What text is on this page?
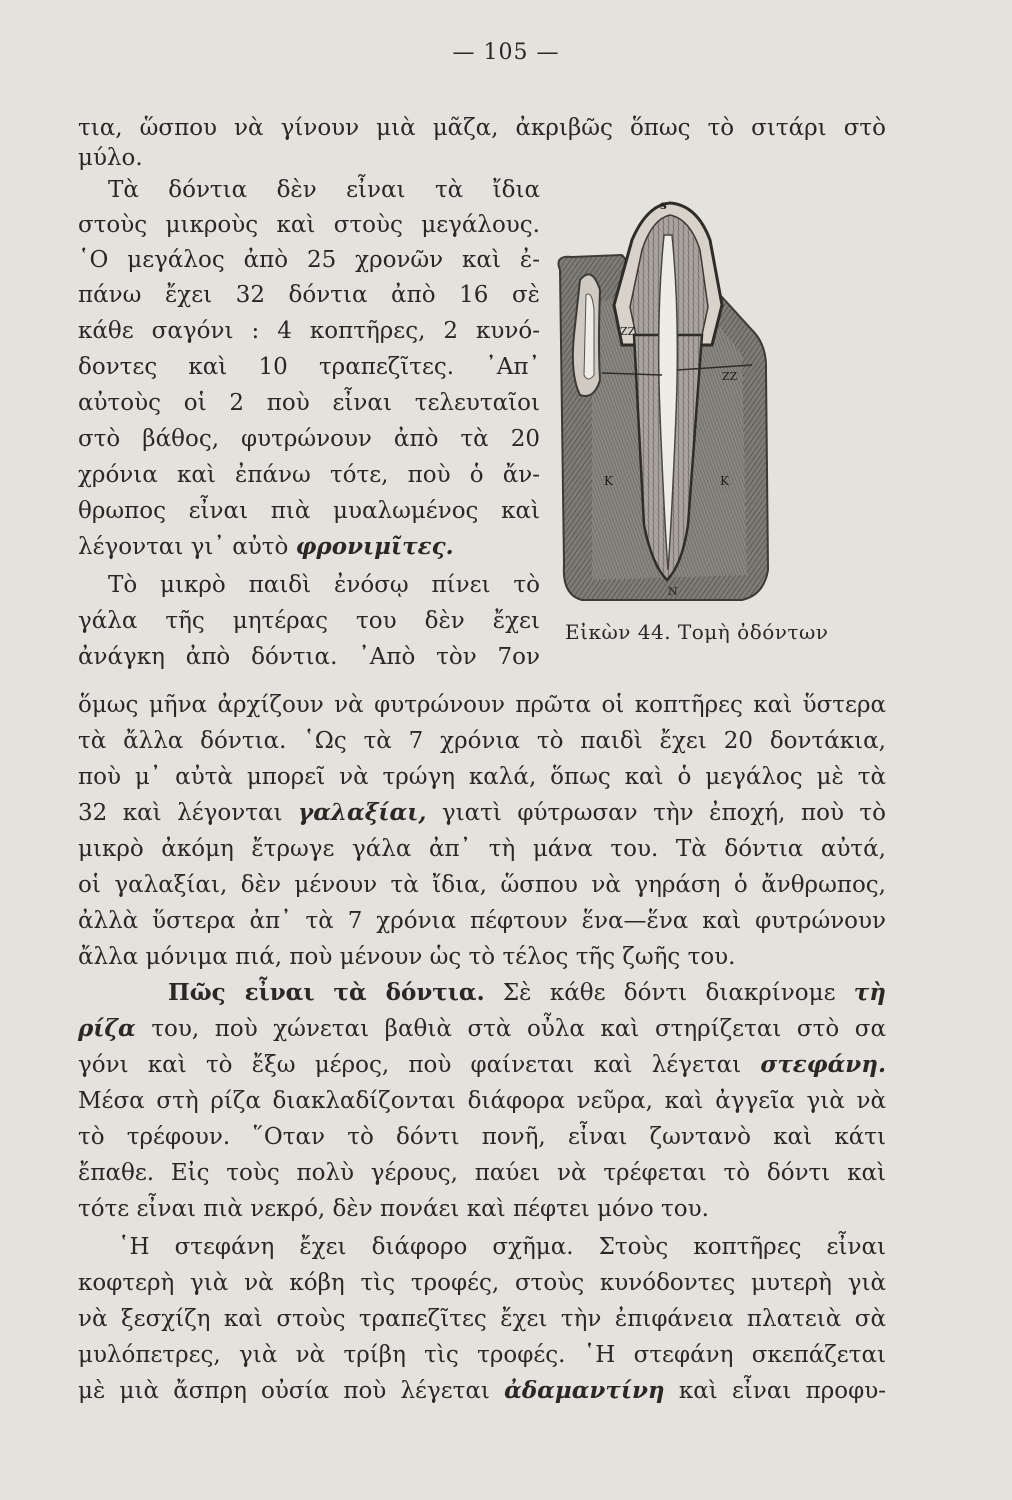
— 105 —
τια, ὥσπου νὰ γίνουν μιὰ μᾶζα, ἀκριβῶς ὅπως τὸ σιτάρι στὸ
μύλο.
Τὰ δόντια δὲν εἶναι τὰ ἴδια
στοὺς μικροὺς καὶ στοὺς μεγάλους.
῾Ο μεγάλος ἀπὸ 25 χρονῶν καὶ ἐ-
πάνω ἔχει 32 δόντια ἀπὸ 16 σὲ
κάθε σαγόνι : 4 κοπτῆρες, 2 κυνό-
δοντες καὶ 10 τραπεζῖτες. ᾽Απ᾽
αὐτοὺς οἱ 2 ποὺ εἶναι τελευταῖοι
στὸ βάθος, φυτρώνουν ἀπὸ τὰ 20
χρόνια καὶ ἐπάνω τότε, ποὺ ὁ ἄν-
θρωπος εἶναι πιὰ μυαλωμένος καὶ
λέγονται γι᾽ αὐτὸ φρονιμῖτες.
Τὸ μικρὸ παιδὶ ἐνόσῳ πίνει τὸ
γάλα τῆς μητέρας του δὲν ἔχει
ἀνάγκη ἀπὸ δόντια. ᾽Απὸ τὸν 7ον
s
ZZ
ZZ
K	K
N
Εἰκὼν 44. Τομὴ ὀδόντων
ὅμως μῆνα ἀρχίζουν νὰ φυτρώνουν πρῶτα οἱ κοπτῆρες καὶ ὕστερα
τὰ ἄλλα δόντια. ῾Ως τὰ 7 χρόνια τὸ παιδὶ ἔχει 20 δοντάκια,
ποὺ μ᾽ αὐτὰ μπορεῖ νὰ τρώγη καλά, ὅπως καὶ ὁ μεγάλος μὲ τὰ
32 καὶ λέγονται γαλαξίαι, γιατὶ φύτρωσαν τὴν ἐποχή, ποὺ τὸ
μικρὸ ἀκόμη ἔτρωγε γάλα ἀπ᾽ τὴ μάνα του. Τὰ δόντια αὐτά,
οἱ γαλαξίαι, δὲν μένουν τὰ ἴδια, ὥσπου νὰ γηράση ὁ ἄνθρωπος,
ἀλλὰ ὕστερα ἀπ᾽ τὰ 7 χρόνια πέφτουν ἕνα—ἕνα καὶ φυτρώνουν
ἄλλα μόνιμα πιά, ποὺ μένουν ὡς τὸ τέλος τῆς ζωῆς του.
Πῶς εἶναι τὰ δόντια. Σὲ κάθε δόντι διακρίνομε τὴ
ρίζα του, ποὺ χώνεται βαθιὰ στὰ οὖλα καὶ στηρίζεται στὸ σα
γόνι καὶ τὸ ἔξω μέρος, ποὺ φαίνεται καὶ λέγεται στεφάνη.
Μέσα στὴ ρίζα διακλαδίζονται διάφορα νεῦρα, καὶ ἀγγεῖα γιὰ νὰ
τὸ τρέφουν. ῞Οταν τὸ δόντι πονῆ, εἶναι ζωντανὸ καὶ κάτι
ἔπαθε. Εἰς τοὺς πολὺ γέρους, παύει νὰ τρέφεται τὸ δόντι καὶ
τότε εἶναι πιὰ νεκρό, δὲν πονάει καὶ πέφτει μόνο του.
῾Η στεφάνη ἔχει διάφορο σχῆμα. Στοὺς κοπτῆρες εἶναι
κοφτερὴ γιὰ νὰ κόβη τὶς τροφές, στοὺς κυνόδοντες μυτερὴ γιὰ
νὰ ξεσχίζη καὶ στοὺς τραπεζῖτες ἔχει τὴν ἐπιφάνεια πλατειὰ σὰ
μυλόπετρες, γιὰ νὰ τρίβη τὶς τροφές. ῾Η στεφάνη σκεπάζεται
μὲ μιὰ ἄσπρη οὐσία ποὺ λέγεται ἀδαμαντίνη καὶ εἶναι προφυ-
